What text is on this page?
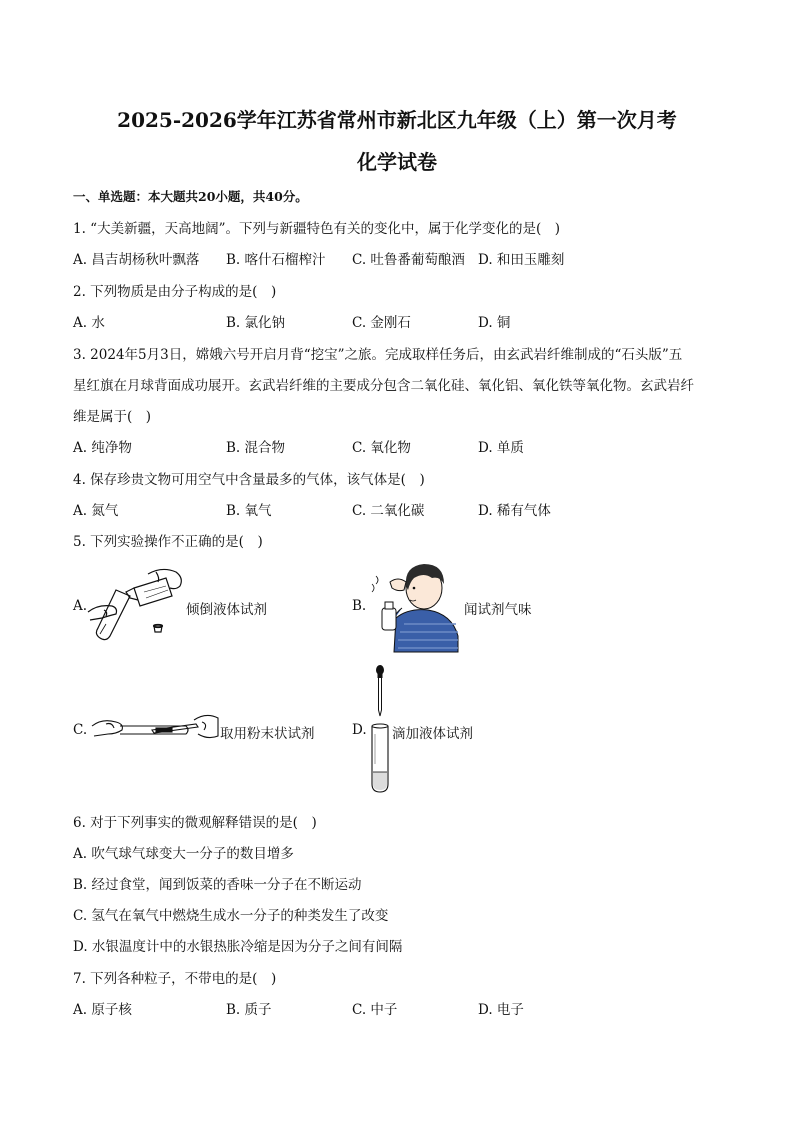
2025-2026学年江苏省常州市新北区九年级（上）第一次月考
化学试卷
一、单选题：本大题共20小题，共40分。
1. “大美新疆，天高地阔”。下列与新疆特色有关的变化中，属于化学变化的是(　)
A. 昌吉胡杨秋叶飘落 B. 喀什石榴榨汁 C. 吐鲁番葡萄酿酒 D. 和田玉雕刻
2. 下列物质是由分子构成的是(　)
A. 水	B. 氯化钠	C. 金刚石	D. 铜
3. 2024年5月3日，嫦娥六号开启月背“挖宝”之旅。完成取样任务后，由玄武岩纤维制成的“石头版”五
星红旗在月球背面成功展开。玄武岩纤维的主要成分包含二氧化硅、氧化铝、氧化铁等氧化物。玄武岩纤
维是属于(　)
A. 纯净物	B. 混合物	C. 氧化物	D. 单质
4. 保存珍贵文物可用空气中含量最多的气体，该气体是(　)
A. 氮气	B. 氧气	C. 二氧化碳	D. 稀有气体
5. 下列实验操作不正确的是(　)
A.	倾倒液体试剂	B.	闻试剂气味
C.	取用粉末状试剂	D. 滴加液体试剂
6. 对于下列事实的微观解释错误的是(　)
A. 吹气球气球变大一分子的数目增多
B. 经过食堂，闻到饭菜的香味一分子在不断运动
C. 氢气在氧气中燃烧生成水一分子的种类发生了改变
D. 水银温度计中的水银热胀冷缩是因为分子之间有间隔
7. 下列各种粒子，不带电的是(　)
A. 原子核	B. 质子	C. 中子	D. 电子
